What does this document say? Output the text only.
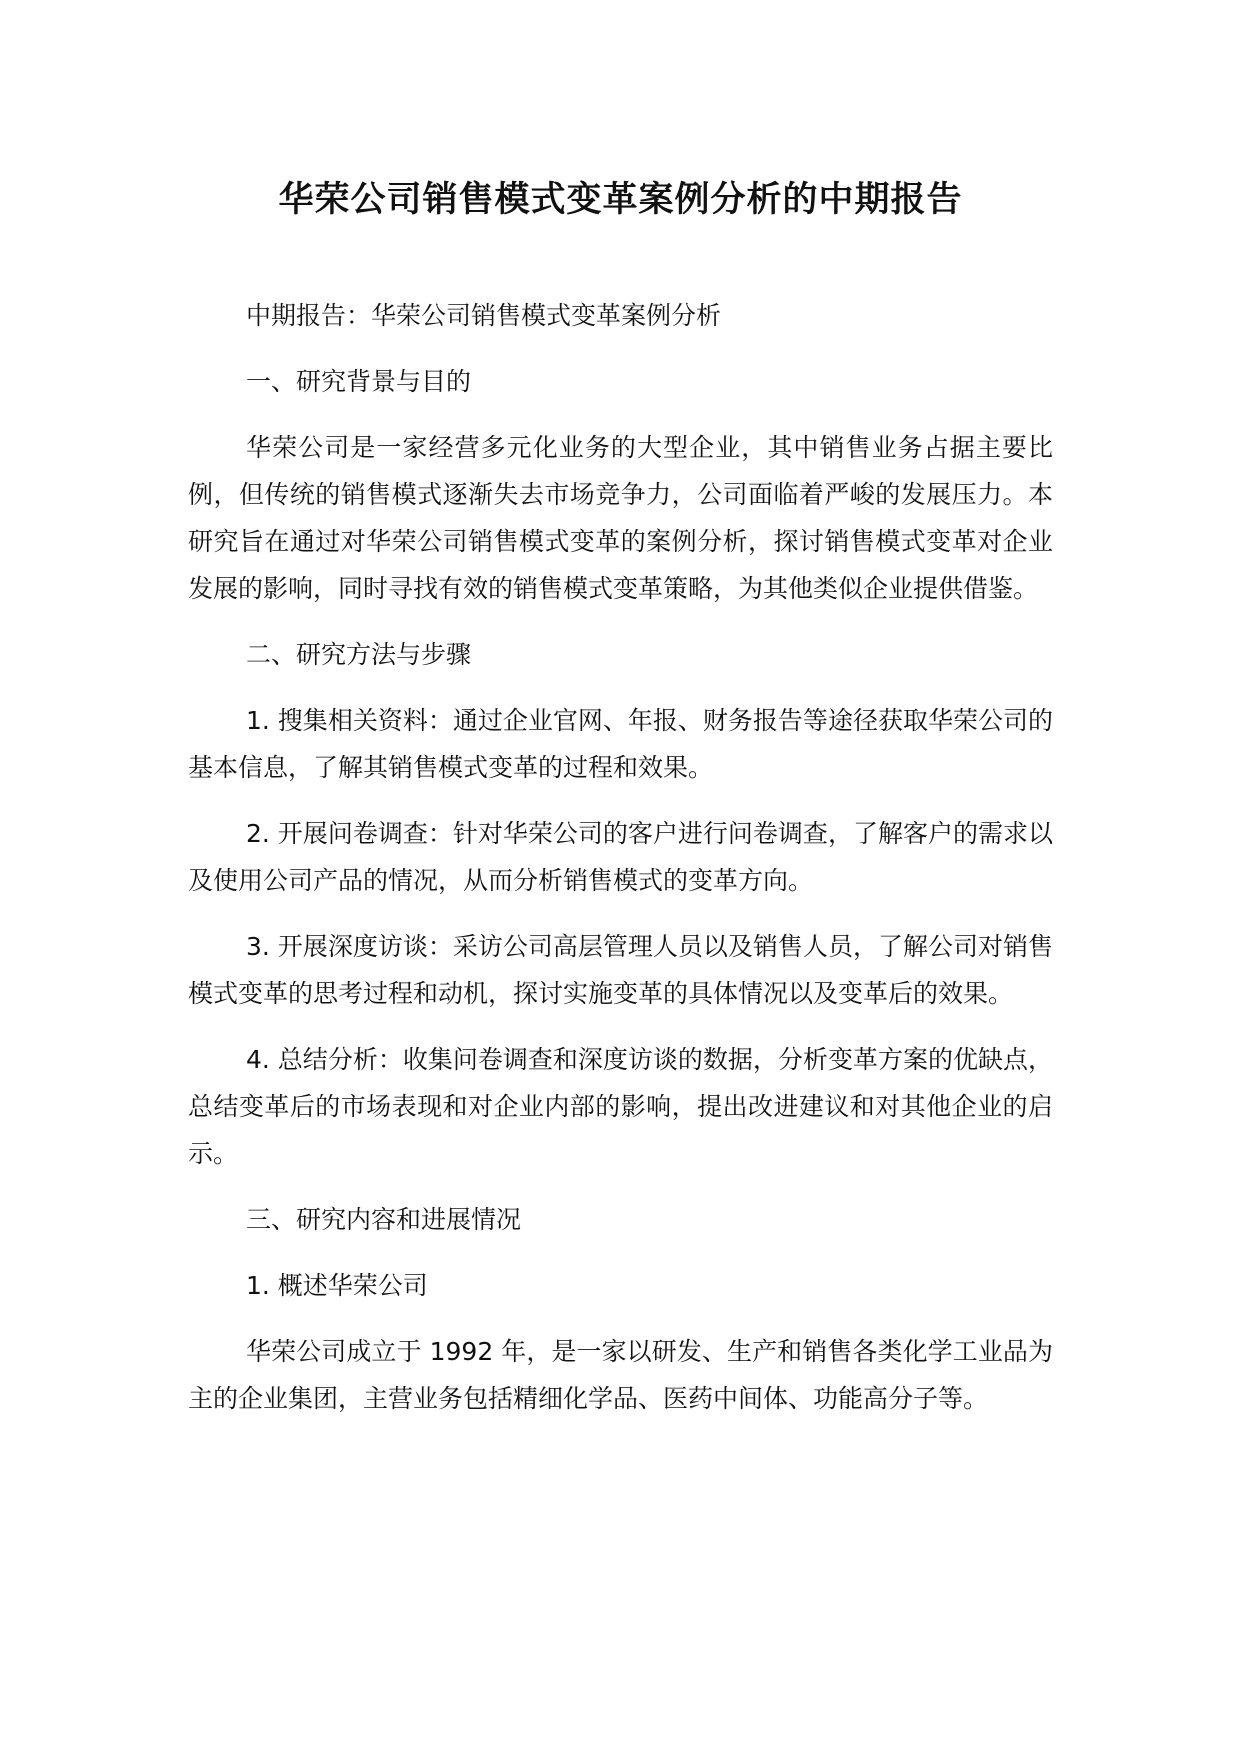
华荣公司销售模式变革案例分析的中期报告

中期报告：华荣公司销售模式变革案例分析

一、研究背景与目的

华荣公司是一家经营多元化业务的大型企业，其中销售业务占据主要比例，但传统的销售模式逐渐失去市场竞争力，公司面临着严峻的发展压力。本研究旨在通过对华荣公司销售模式变革的案例分析，探讨销售模式变革对企业发展的影响，同时寻找有效的销售模式变革策略，为其他类似企业提供借鉴。

二、研究方法与步骤

1. 搜集相关资料：通过企业官网、年报、财务报告等途径获取华荣公司的基本信息，了解其销售模式变革的过程和效果。

2. 开展问卷调查：针对华荣公司的客户进行问卷调查，了解客户的需求以及使用公司产品的情况，从而分析销售模式的变革方向。

3. 开展深度访谈：采访公司高层管理人员以及销售人员，了解公司对销售模式变革的思考过程和动机，探讨实施变革的具体情况以及变革后的效果。

4. 总结分析：收集问卷调查和深度访谈的数据，分析变革方案的优缺点，总结变革后的市场表现和对企业内部的影响，提出改进建议和对其他企业的启示。

三、研究内容和进展情况

1. 概述华荣公司

华荣公司成立于 1992 年，是一家以研发、生产和销售各类化学工业品为主的企业集团，主营业务包括精细化学品、医药中间体、功能高分子等。
